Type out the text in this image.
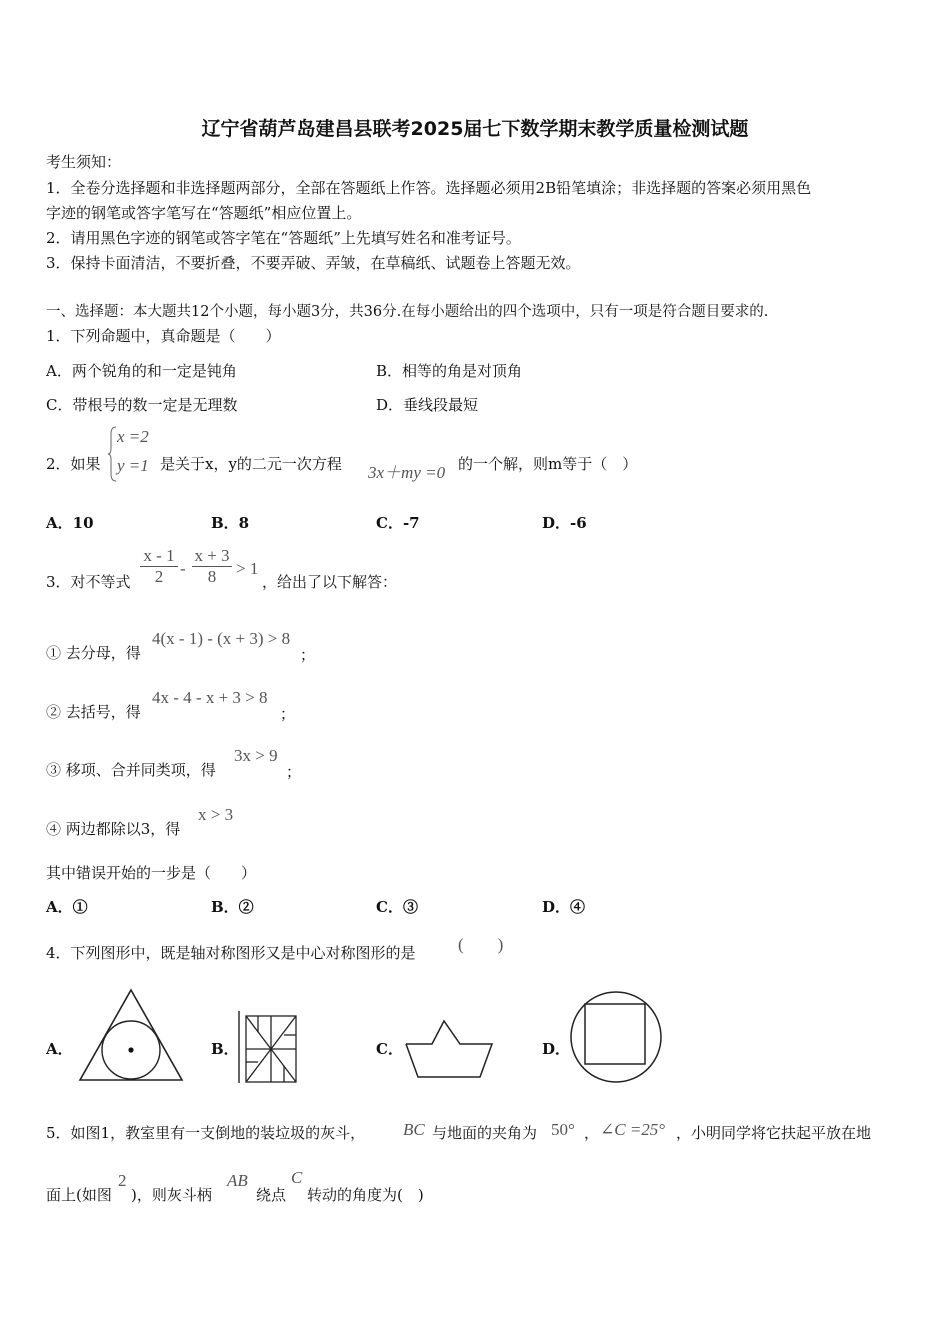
辽宁省葫芦岛建昌县联考2025届七下数学期末教学质量检测试题
考生须知：
1．全卷分选择题和非选择题两部分，全部在答题纸上作答。选择题必须用2B铅笔填涂；非选择题的答案必须用黑色
字迹的钢笔或答字笔写在“答题纸”相应位置上。
2．请用黑色字迹的钢笔或答字笔在“答题纸”上先填写姓名和准考证号。
3．保持卡面清洁，不要折叠，不要弄破、弄皱，在草稿纸、试题卷上答题无效。
一、选择题：本大题共12个小题，每小题3分，共36分.在每小题给出的四个选项中，只有一项是符合题目要求的.
1．下列命题中，真命题是（　　）
A．两个锐角的和一定是钝角	B．相等的角是对顶角
C．带根号的数一定是无理数	D．垂线段最短
2．如果
x =2
y =1 是关于x，y的二元一次方程 3x＋my =0 的一个解，则m等于（　）
A．10	B．8	C．-7	D．-6
3．对不等式 $\frac{x - 1}{2} - \frac{x + 3}{8} > 1$
，给出了以下解答：
① 去分母，得
4(x - 1) - (x + 3) > 8
；
② 去括号，得
4x - 4 - x + 3 > 8
；
③ 移项、合并同类项，得
3x > 9
；
④ 两边都除以3，得
x > 3
其中错误开始的一步是（　　）
A．①	B．②	C．③	D．④
4．下列图形中，既是轴对称图形又是中心对称图形的是 (　　)
A．	B．	C．	D．
5．如图1，教室里有一支倒地的装垃圾的灰斗， BC 与地面的夹角为 50° ， ∠C =25° ，小明同学将它扶起平放在地
面上(如图
2
)，则灰斗柄
AB
绕点
C
转动的角度为(　)
